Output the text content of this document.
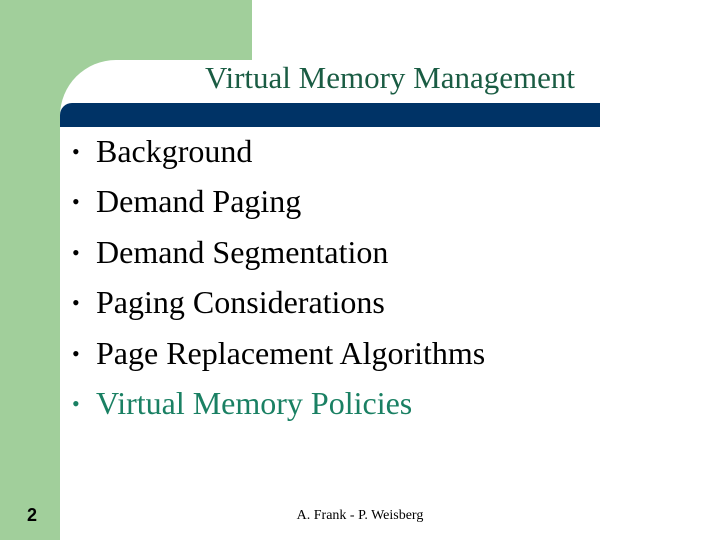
Virtual Memory Management
• Background
• Demand Paging
• Demand Segmentation
• Paging Considerations
• Page Replacement Algorithms
• Virtual Memory Policies
2	A. Frank - P. Weisberg
